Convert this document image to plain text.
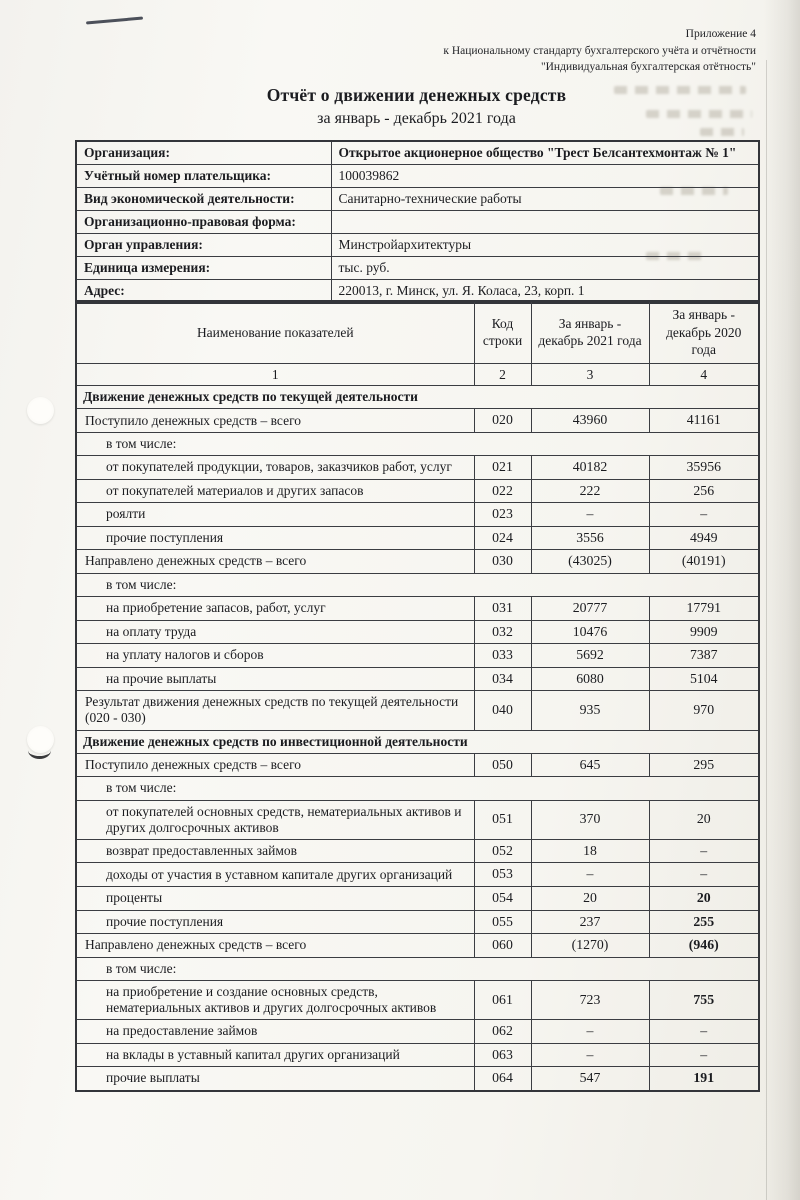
Приложение 4
к Национальному стандарту бухгалтерского учёта и отчётности
"Индивидуальная бухгалтерская отётность"
Отчёт о движении денежных средств
за январь - декабрь 2021 года
Организация:	Открытое акционерное общество "Трест Белсантехмонтаж № 1"
Учётный номер плательщика:	100039862
Вид экономической деятельности:	Санитарно-технические работы
Организационно-правовая форма:	
Орган управления:	Минстройархитектуры
Единица измерения:	тыс. руб.
Адрес:	220013, г. Минск, ул. Я. Коласа, 23, корп. 1
Наименование показателей	Код строки	За январь - декабрь 2021 года	За январь - декабрь 2020 года
1	2	3	4
Движение денежных средств по текущей деятельности			
Поступило денежных средств – всего	020	43960	41161
в том числе:			
от покупателей продукции, товаров, заказчиков работ, услуг	021	40182	35956
от покупателей материалов и других запасов	022	222	256
роялти	023	–	–
прочие поступления	024	3556	4949
Направлено денежных средств – всего	030	(43025)	(40191)
в том числе:			
на приобретение запасов, работ, услуг	031	20777	17791
на оплату труда	032	10476	9909
на уплату налогов и сборов	033	5692	7387
на прочие выплаты	034	6080	5104
Результат движения денежных средств по текущей деятельности (020 - 030)	040	935	970
Движение денежных средств по инвестиционной деятельности			
Поступило денежных средств – всего	050	645	295
в том числе:			
от покупателей основных средств, нематериальных активов и других долгосрочных активов	051	370	20
возврат предоставленных займов	052	18	–
доходы от участия в уставном капитале других организаций	053	–	–
проценты	054	20	20
прочие поступления	055	237	255
Направлено денежных средств – всего	060	(1270)	(946)
в том числе:			
на приобретение и создание основных средств, нематериальных активов и других долгосрочных активов	061	723	755
на предоставление займов	062	–	–
на вклады в уставный капитал других организаций	063	–	–
прочие выплаты	064	547	191
